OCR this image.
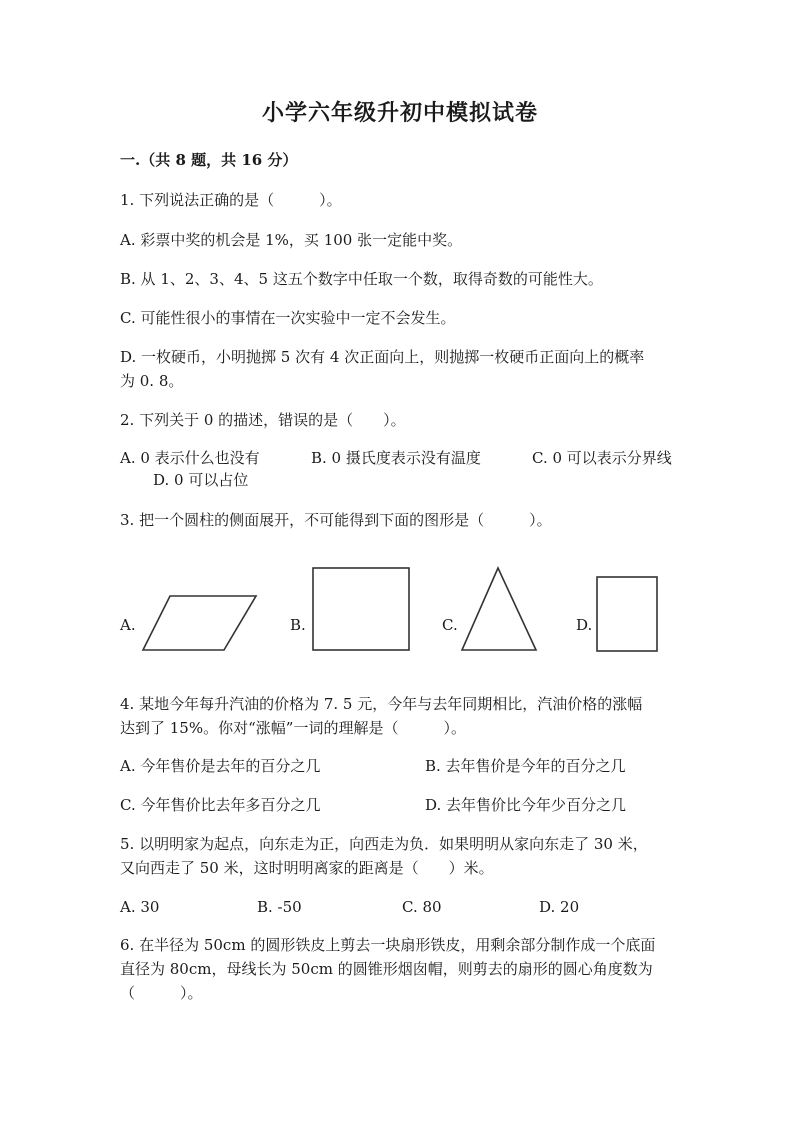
小学六年级升初中模拟试卷
一.（共 8 题，共 16 分）
1. 下列说法正确的是（　　　）。
A. 彩票中奖的机会是 1%，买 100 张一定能中奖。
B. 从 1、2、3、4、5 这五个数字中任取一个数，取得奇数的可能性大。
C. 可能性很小的事情在一次实验中一定不会发生。
D. 一枚硬币，小明抛掷 5 次有 4 次正面向上，则抛掷一枚硬币正面向上的概率
为 0. 8。
2. 下列关于 0 的描述，错误的是（　　）。
A. 0 表示什么也没有	B. 0 摄氏度表示没有温度	C. 0 可以表示分界线
D. 0 可以占位
3. 把一个圆柱的侧面展开，不可能得到下面的图形是（　　　）。
A.	B.	C.	D.
4. 某地今年每升汽油的价格为 7. 5 元，今年与去年同期相比，汽油价格的涨幅
达到了 15%。你对“涨幅”一词的理解是（　　　）。
A. 今年售价是去年的百分之几	B. 去年售价是今年的百分之几
C. 今年售价比去年多百分之几	D. 去年售价比今年少百分之几
5. 以明明家为起点，向东走为正，向西走为负．如果明明从家向东走了 30 米，
又向西走了 50 米，这时明明离家的距离是（　　）米。
A. 30	B. -50	C. 80	D. 20
6. 在半径为 50cm 的圆形铁皮上剪去一块扇形铁皮，用剩余部分制作成一个底面
直径为 80cm，母线长为 50cm 的圆锥形烟囱帽，则剪去的扇形的圆心角度数为
（　　　）。
